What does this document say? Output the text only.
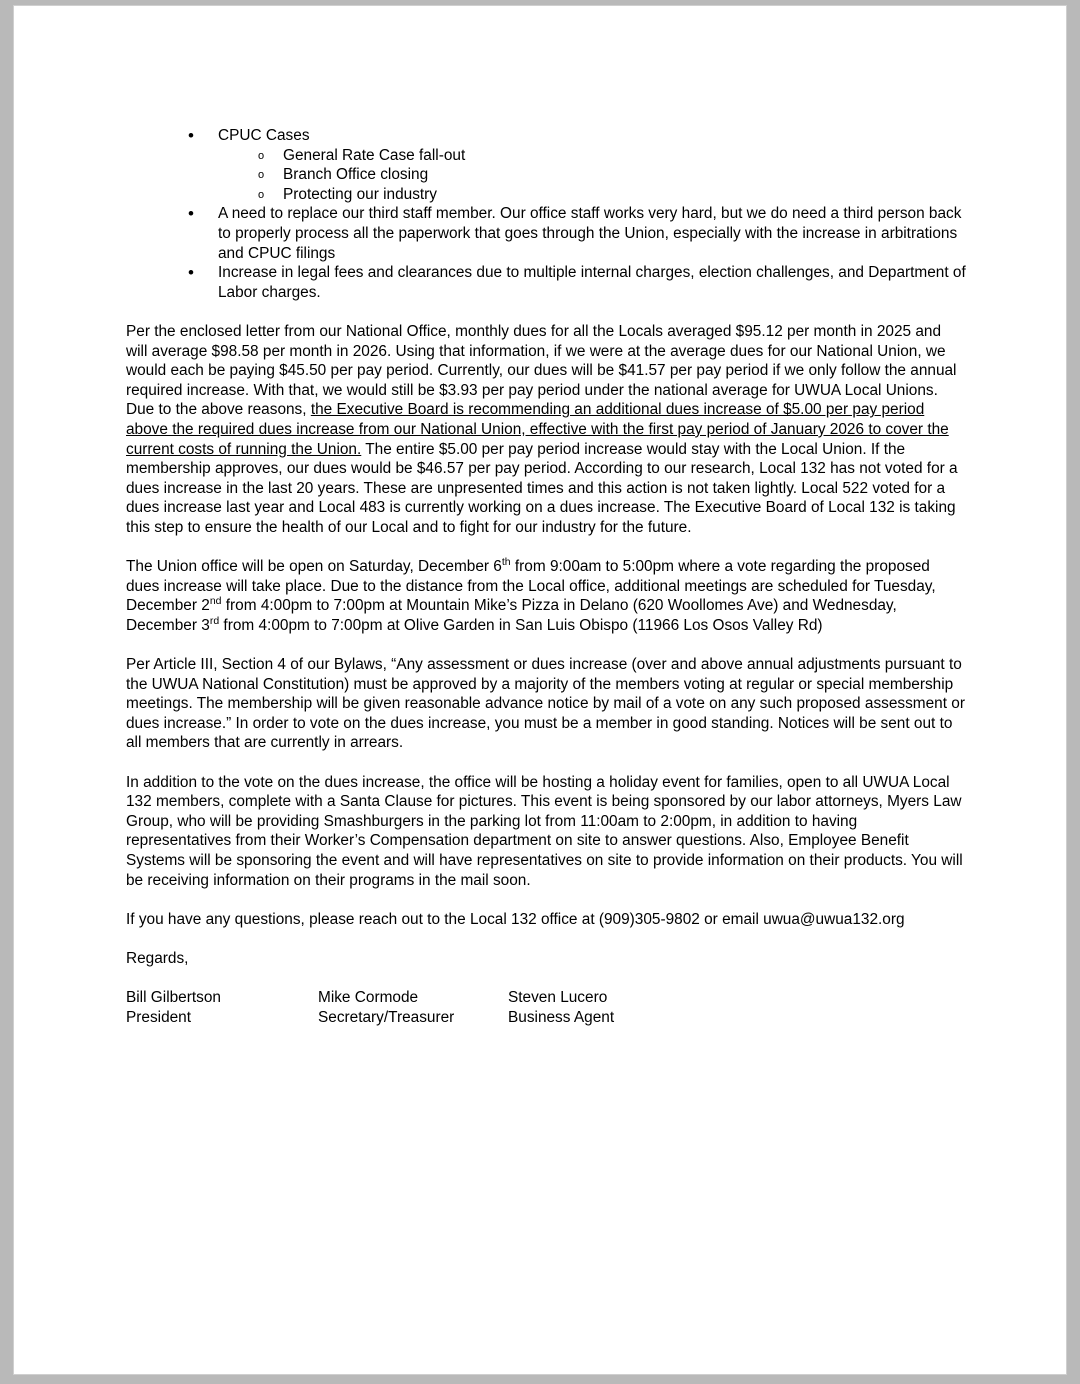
• CPUC Cases
o General Rate Case fall-out
o Branch Office closing
o Protecting our industry
• A need to replace our third staff member. Our office staff works very hard, but we do need a third person back to properly process all the paperwork that goes through the Union, especially with the increase in arbitrations and CPUC filings
• Increase in legal fees and clearances due to multiple internal charges, election challenges, and Department of Labor charges.

Per the enclosed letter from our National Office, monthly dues for all the Locals averaged $95.12 per month in 2025 and will average $98.58 per month in 2026. Using that information, if we were at the average dues for our National Union, we would each be paying $45.50 per pay period. Currently, our dues will be $41.57 per pay period if we only follow the annual required increase. With that, we would still be $3.93 per pay period under the national average for UWUA Local Unions. Due to the above reasons, the Executive Board is recommending an additional dues increase of $5.00 per pay period above the required dues increase from our National Union, effective with the first pay period of January 2026 to cover the current costs of running the Union. The entire $5.00 per pay period increase would stay with the Local Union. If the membership approves, our dues would be $46.57 per pay period. According to our research, Local 132 has not voted for a dues increase in the last 20 years. These are unpresented times and this action is not taken lightly. Local 522 voted for a dues increase last year and Local 483 is currently working on a dues increase. The Executive Board of Local 132 is taking this step to ensure the health of our Local and to fight for our industry for the future.

The Union office will be open on Saturday, December 6th from 9:00am to 5:00pm where a vote regarding the proposed dues increase will take place. Due to the distance from the Local office, additional meetings are scheduled for Tuesday, December 2nd from 4:00pm to 7:00pm at Mountain Mike’s Pizza in Delano (620 Woollomes Ave) and Wednesday, December 3rd from 4:00pm to 7:00pm at Olive Garden in San Luis Obispo (11966 Los Osos Valley Rd)

Per Article III, Section 4 of our Bylaws, “Any assessment or dues increase (over and above annual adjustments pursuant to the UWUA National Constitution) must be approved by a majority of the members voting at regular or special membership meetings. The membership will be given reasonable advance notice by mail of a vote on any such proposed assessment or dues increase.” In order to vote on the dues increase, you must be a member in good standing. Notices will be sent out to all members that are currently in arrears.

In addition to the vote on the dues increase, the office will be hosting a holiday event for families, open to all UWUA Local 132 members, complete with a Santa Clause for pictures. This event is being sponsored by our labor attorneys, Myers Law Group, who will be providing Smashburgers in the parking lot from 11:00am to 2:00pm, in addition to having representatives from their Worker’s Compensation department on site to answer questions. Also, Employee Benefit Systems will be sponsoring the event and will have representatives on site to provide information on their products. You will be receiving information on their programs in the mail soon.

If you have any questions, please reach out to the Local 132 office at (909)305-9802 or email uwua@uwua132.org

Regards,

Bill Gilbertson	Mike Cormode	Steven Lucero
President	Secretary/Treasurer	Business Agent
